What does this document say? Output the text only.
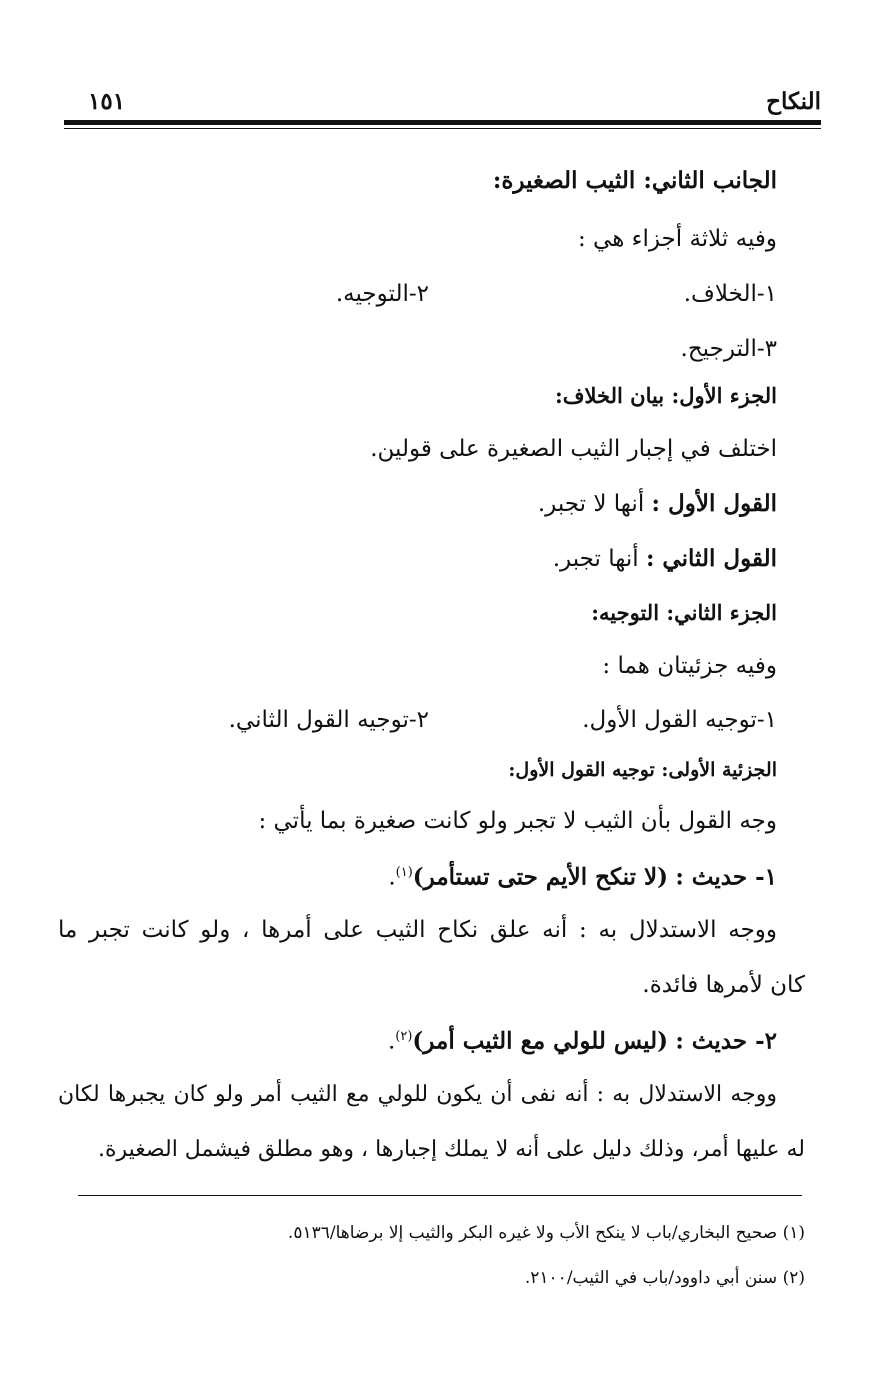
النكاح
١٥١
الجانب الثاني: الثيب الصغيرة:
وفيه ثلاثة أجزاء هي :
١-الخلاف.
٢-التوجيه.
٣-الترجيح.
الجزء الأول: بيان الخلاف:
اختلف في إجبار الثيب الصغيرة على قولين.
القول الأول : أنها لا تجبر.
القول الثاني : أنها تجبر.
الجزء الثاني: التوجيه:
وفيه جزئيتان هما :
١-توجيه القول الأول.
٢-توجيه القول الثاني.
الجزئية الأولى: توجيه القول الأول:
وجه القول بأن الثيب لا تجبر ولو كانت صغيرة بما يأتي :
١- حديث : (لا تنكح الأيم حتى تستأمر)$^{(١)}$.
ووجه الاستدلال به : أنه علق نكاح الثيب على أمرها ، ولو كانت تجبر ما
كان لأمرها فائدة.
٢- حديث : (ليس للولي مع الثيب أمر)$^{(٢)}$.
ووجه الاستدلال به : أنه نفى أن يكون للولي مع الثيب أمر ولو كان يجبرها لكان
له عليها أمر، وذلك دليل على أنه لا يملك إجبارها ، وهو مطلق فيشمل الصغيرة.
(١) صحيح البخاري/باب لا ينكح الأب ولا غيره البكر والثيب إلا برضاها/٥١٣٦.
(٢) سنن أبي داوود/باب في الثيب/٢١٠٠.
